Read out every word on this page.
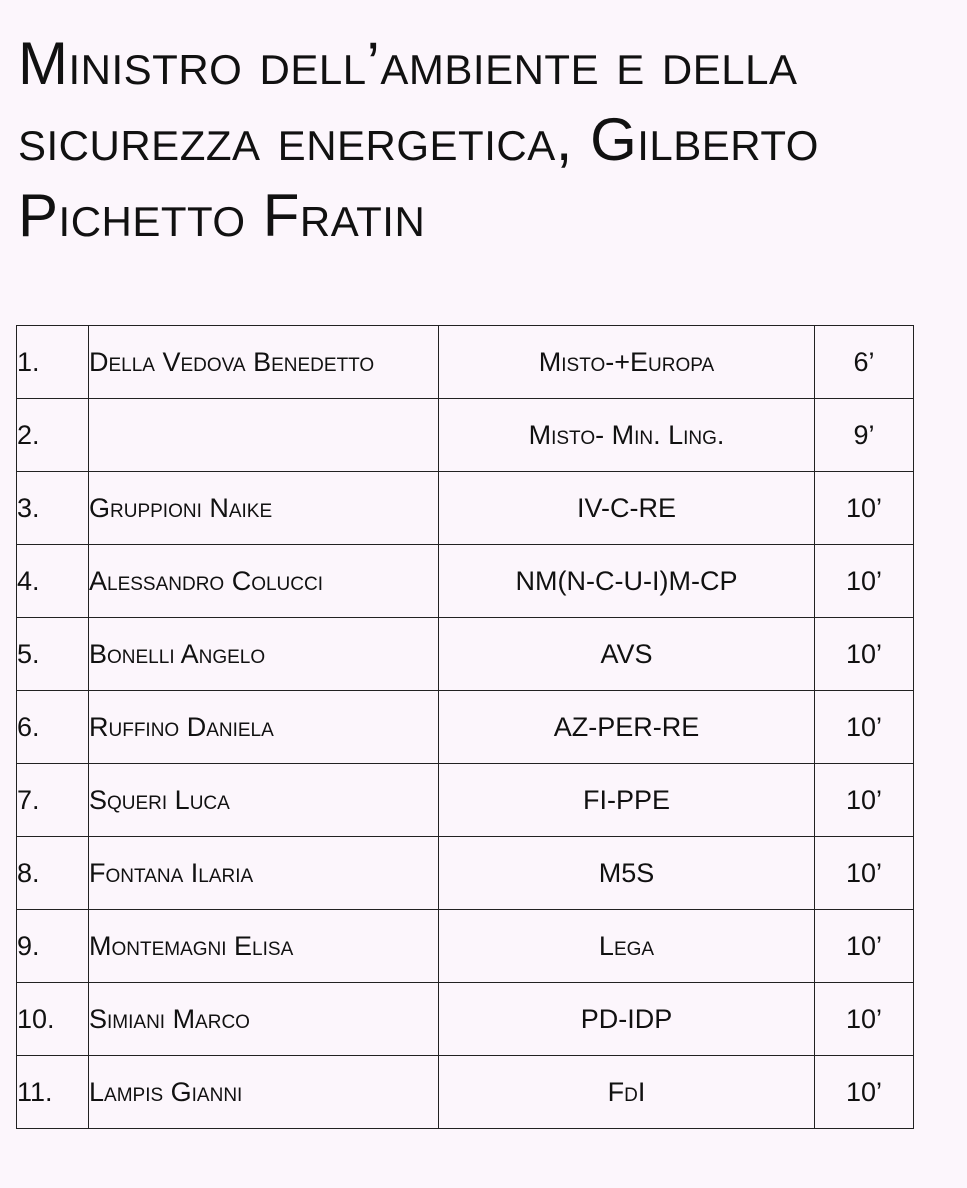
Ministro dell’ambiente e della sicurezza energetica, Gilberto Pichetto Fratin
1.	Della Vedova Benedetto	Misto-+Europa	6’
2.		Misto- Min. Ling.	9’
3.	Gruppioni Naike	IV-C-RE	10’
4.	Alessandro Colucci	NM(N-C-U-I)M-CP	10’
5.	Bonelli Angelo	AVS	10’
6.	Ruffino Daniela	AZ-PER-RE	10’
7.	Squeri Luca	FI-PPE	10’
8.	Fontana Ilaria	M5S	10’
9.	Montemagni Elisa	Lega	10’
10.	Simiani Marco	PD-IDP	10’
11.	Lampis Gianni	FdI	10’
